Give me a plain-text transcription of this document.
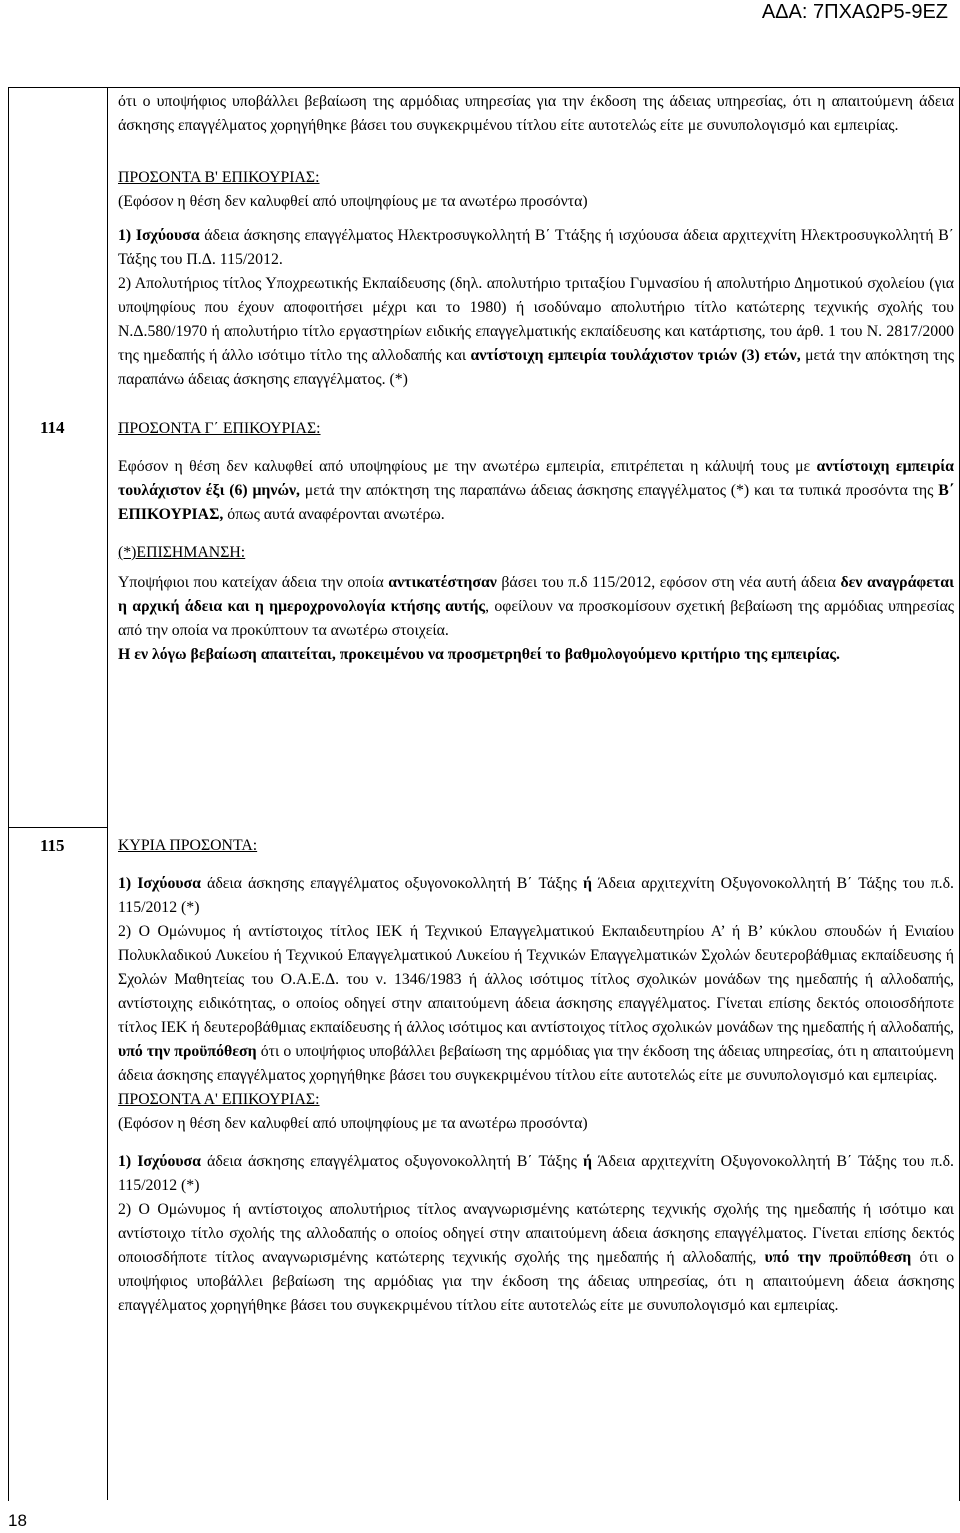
ΑΔΑ: 7ΠΧΑΩΡ5-9ΕΖ
114
115

ότι ο υποψήφιος υποβάλλει βεβαίωση της αρμόδιας υπηρεσίας για την έκδοση της άδειας υπηρεσίας, ότι η απαιτούμενη άδεια άσκησης επαγγέλματος χορηγήθηκε βάσει του συγκεκριμένου τίτλου είτε αυτοτελώς είτε με συνυπολογισμό και εμπειρίας.

ΠΡΟΣΟΝΤΑ Β' ΕΠΙΚΟΥΡΙΑΣ:

(Εφόσον η θέση δεν καλυφθεί από υποψηφίους με τα ανωτέρω προσόντα)

1) Ισχύουσα άδεια άσκησης επαγγέλματος Ηλεκτροσυγκολλητή Β΄ Ττάξης ή ισχύουσα άδεια αρχιτεχνίτη Ηλεκτροσυγκολλητή Β΄ Τάξης του Π.Δ. 115/2012.

2) Απολυτήριος τίτλος Υποχρεωτικής Εκπαίδευσης (δηλ. απολυτήριο τριταξίου Γυμνασίου ή απολυτήριο Δημοτικού σχολείου (για υποψηφίους που έχουν αποφοιτήσει μέχρι και το 1980) ή ισοδύναμο απολυτήριο τίτλο κατώτερης τεχνικής σχολής του Ν.Δ.580/1970 ή απολυτήριο τίτλο εργαστηρίων ειδικής επαγγελματικής εκπαίδευσης και κατάρτισης, του άρθ. 1 του Ν. 2817/2000 της ημεδαπής ή άλλο ισότιμο τίτλο της αλλοδαπής και αντίστοιχη εμπειρία τουλάχιστον τριών (3) ετών, μετά την απόκτηση της παραπάνω άδειας άσκησης επαγγέλματος. (*)

ΠΡΟΣΟΝΤΑ Γ΄ ΕΠΙΚΟΥΡΙΑΣ:

Εφόσον η θέση δεν καλυφθεί από υποψηφίους με την ανωτέρω εμπειρία, επιτρέπεται η κάλυψή τους με αντίστοιχη εμπειρία τουλάχιστον έξι (6) μηνών, μετά την απόκτηση της παραπάνω άδειας άσκησης επαγγέλματος (*) και τα τυπικά προσόντα της Β΄ ΕΠΙΚΟΥΡΙΑΣ, όπως αυτά αναφέρονται ανωτέρω.

(*)ΕΠΙΣΗΜΑΝΣΗ:

Υποψήφιοι που κατείχαν άδεια την οποία αντικατέστησαν βάσει του π.δ 115/2012, εφόσον στη νέα αυτή άδεια δεν αναγράφεται η αρχική άδεια και η ημεροχρονολογία κτήσης αυτής, οφείλουν να προσκομίσουν σχετική βεβαίωση της αρμόδιας υπηρεσίας από την οποία να προκύπτουν τα ανωτέρω στοιχεία.

Η εν λόγω βεβαίωση απαιτείται, προκειμένου να προσμετρηθεί το βαθμολογούμενο κριτήριο της εμπειρίας.

ΚΥΡΙΑ ΠΡΟΣΟΝΤΑ:

1) Ισχύουσα άδεια άσκησης επαγγέλματος οξυγονοκολλητή Β΄ Τάξης ή Άδεια αρχιτεχνίτη Οξυγονοκολλητή Β΄ Τάξης του π.δ. 115/2012 (*)

2) Ο Ομώνυμος ή αντίστοιχος τίτλος ΙΕΚ ή Τεχνικού Επαγγελματικού Εκπαιδευτηρίου Α’ ή Β’ κύκλου σπουδών ή Ενιαίου Πολυκλαδικού Λυκείου ή Τεχνικού Επαγγελματικού Λυκείου ή Τεχνικών Επαγγελματικών Σχολών δευτεροβάθμιας εκπαίδευσης ή Σχολών Μαθητείας του Ο.Α.Ε.Δ. του ν. 1346/1983 ή άλλος ισότιμος τίτλος σχολικών μονάδων της ημεδαπής ή αλλοδαπής, αντίστοιχης ειδικότητας, ο οποίος οδηγεί στην απαιτούμενη άδεια άσκησης επαγγέλματος. Γίνεται επίσης δεκτός οποιοσδήποτε τίτλος ΙΕΚ ή δευτεροβάθμιας εκπαίδευσης ή άλλος ισότιμος και αντίστοιχος τίτλος σχολικών μονάδων της ημεδαπής ή αλλοδαπής, υπό την προϋπόθεση ότι ο υποψήφιος υποβάλλει βεβαίωση της αρμόδιας για την έκδοση της άδειας υπηρεσίας, ότι η απαιτούμενη άδεια άσκησης επαγγέλματος χορηγήθηκε βάσει του συγκεκριμένου τίτλου είτε αυτοτελώς είτε με συνυπολογισμό και εμπειρίας.

ΠΡΟΣΟΝΤΑ Α' ΕΠΙΚΟΥΡΙΑΣ:

(Εφόσον η θέση δεν καλυφθεί από υποψηφίους με τα ανωτέρω προσόντα)

1) Ισχύουσα άδεια άσκησης επαγγέλματος οξυγονοκολλητή Β΄ Τάξης ή Άδεια αρχιτεχνίτη Οξυγονοκολλητή Β΄ Τάξης του π.δ. 115/2012 (*)

2) Ο Ομώνυμος ή αντίστοιχος απολυτήριος τίτλος αναγνωρισμένης κατώτερης τεχνικής σχολής της ημεδαπής ή ισότιμο και αντίστοιχο τίτλο σχολής της αλλοδαπής ο οποίος οδηγεί στην απαιτούμενη άδεια άσκησης επαγγέλματος. Γίνεται επίσης δεκτός οποιοσδήποτε τίτλος αναγνωρισμένης κατώτερης τεχνικής σχολής της ημεδαπής ή αλλοδαπής, υπό την προϋπόθεση ότι ο υποψήφιος υποβάλλει βεβαίωση της αρμόδιας για την έκδοση της άδειας υπηρεσίας, ότι η απαιτούμενη άδεια άσκησης επαγγέλματος χορηγήθηκε βάσει του συγκεκριμένου τίτλου είτε αυτοτελώς είτε με συνυπολογισμό και εμπειρίας.

18
